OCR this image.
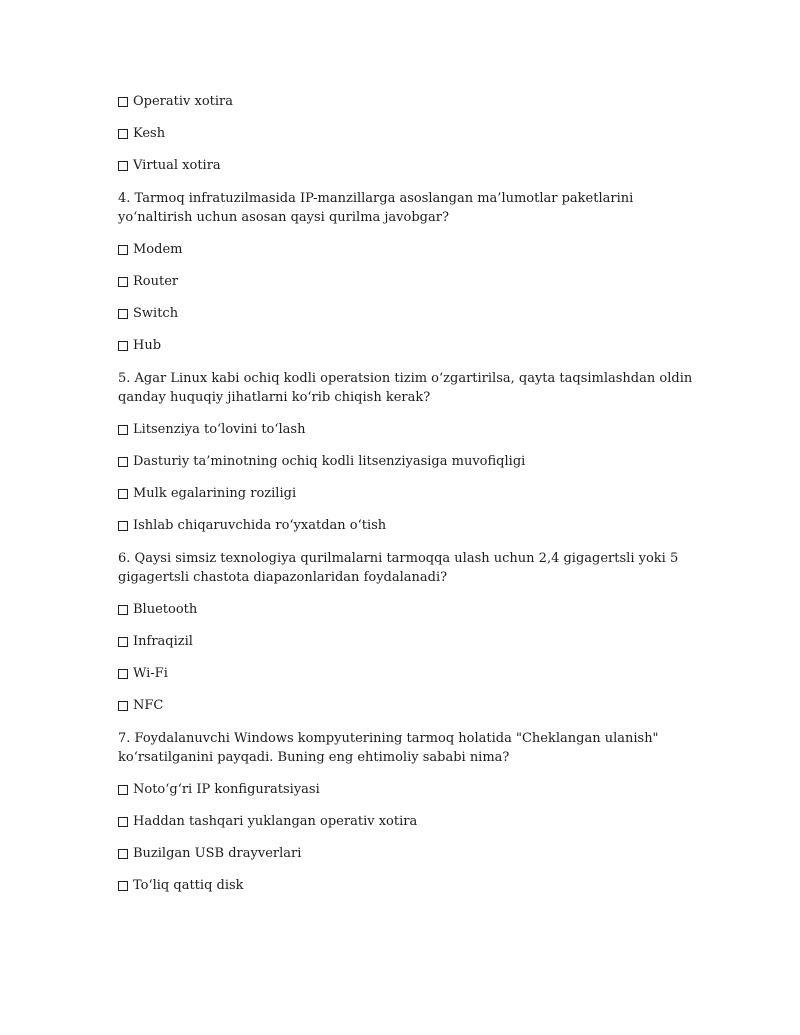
Operativ xotira
Kesh
Virtual xotira
4. Tarmoq infratuzilmasida IP-manzillarga asoslangan ma’lumotlar paketlarini yo‘naltirish uchun asosan qaysi qurilma javobgar?
Modem
Router
Switch
Hub
5. Agar Linux kabi ochiq kodli operatsion tizim o‘zgartirilsa, qayta taqsimlashdan oldin qanday huquqiy jihatlarni ko‘rib chiqish kerak?
Litsenziya to‘lovini to‘lash
Dasturiy ta’minotning ochiq kodli litsenziyasiga muvofiqligi
Mulk egalarining roziligi
Ishlab chiqaruvchida ro‘yxatdan o‘tish
6. Qaysi simsiz texnologiya qurilmalarni tarmoqqa ulash uchun 2,4 gigagertsli yoki 5 gigagertsli chastota diapazonlaridan foydalanadi?
Bluetooth
Infraqizil
Wi-Fi
NFC
7. Foydalanuvchi Windows kompyuterining tarmoq holatida "Cheklangan ulanish" ko‘rsatilganini payqadi. Buning eng ehtimoliy sababi nima?
Noto‘g‘ri IP konfiguratsiyasi
Haddan tashqari yuklangan operativ xotira
Buzilgan USB drayverlari
To‘liq qattiq disk
